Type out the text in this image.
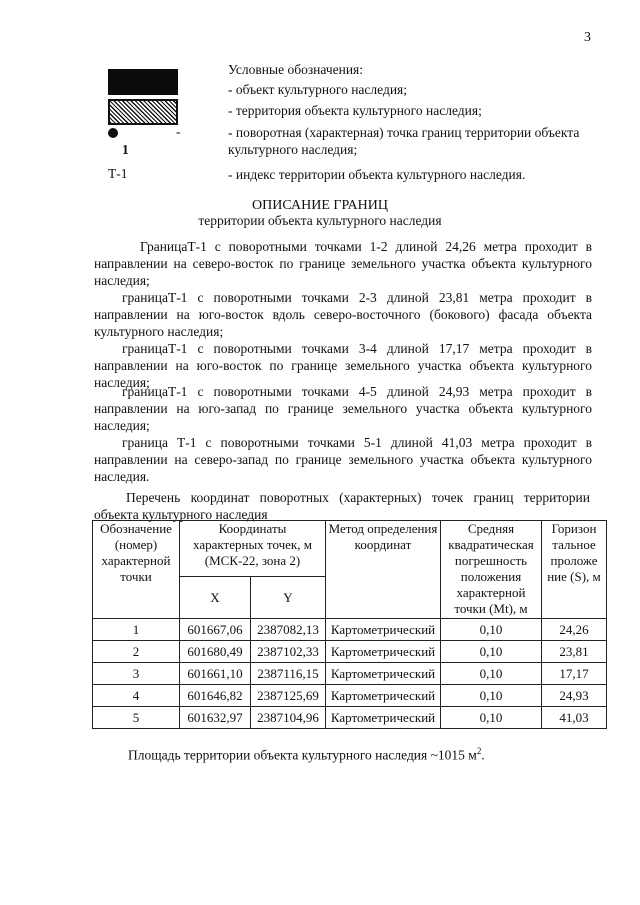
3
Условные обозначения:
- объект культурного наследия;
- территория объекта культурного наследия;
-
1
- поворотная (характерная) точка границ территории объекта культурного наследия;
Т-1	- индекс территории объекта культурного наследия.
ОПИСАНИЕ ГРАНИЦ
территории объекта культурного наследия
ГраницаТ-1 с поворотными точками 1-2 длиной 24,26 метра проходит в направлении на северо-восток по границе земельного участка объекта культурного наследия;
границаТ-1 с поворотными точками 2-3 длиной 23,81 метра проходит в направлении на юго-восток вдоль северо-восточного (бокового) фасада объекта культурного наследия;
границаТ-1 с поворотными точками 3-4 длиной 17,17 метра проходит в направлении на юго-восток по границе земельного участка объекта культурного наследия;
границаТ-1 с поворотными точками 4-5 длиной 24,93 метра проходит в направлении на юго-запад по границе земельного участка объекта культурного наследия;
граница Т-1 с поворотными точками 5-1 длиной 41,03 метра проходит в направлении на северо-запад по границе земельного участка объекта культурного наследия.
Перечень координат поворотных (характерных) точек границ территории объекта культурного наследия
Обозначение (номер) характерной точки	Координаты характерных точек, м (МСК-22, зона 2)		Метод определения координат	Средняя квадратическая погрешность положения характерной точки (Mt), м	Горизон тальное проложе ние (S), м
	X	Y			
1	601667,06	2387082,13	Картометрический	0,10	24,26
2	601680,49	2387102,33	Картометрический	0,10	23,81
3	601661,10	2387116,15	Картометрический	0,10	17,17
4	601646,82	2387125,69	Картометрический	0,10	24,93
5	601632,97	2387104,96	Картометрический	0,10	41,03
Площадь территории объекта культурного наследия ~1015 $м^2$.
